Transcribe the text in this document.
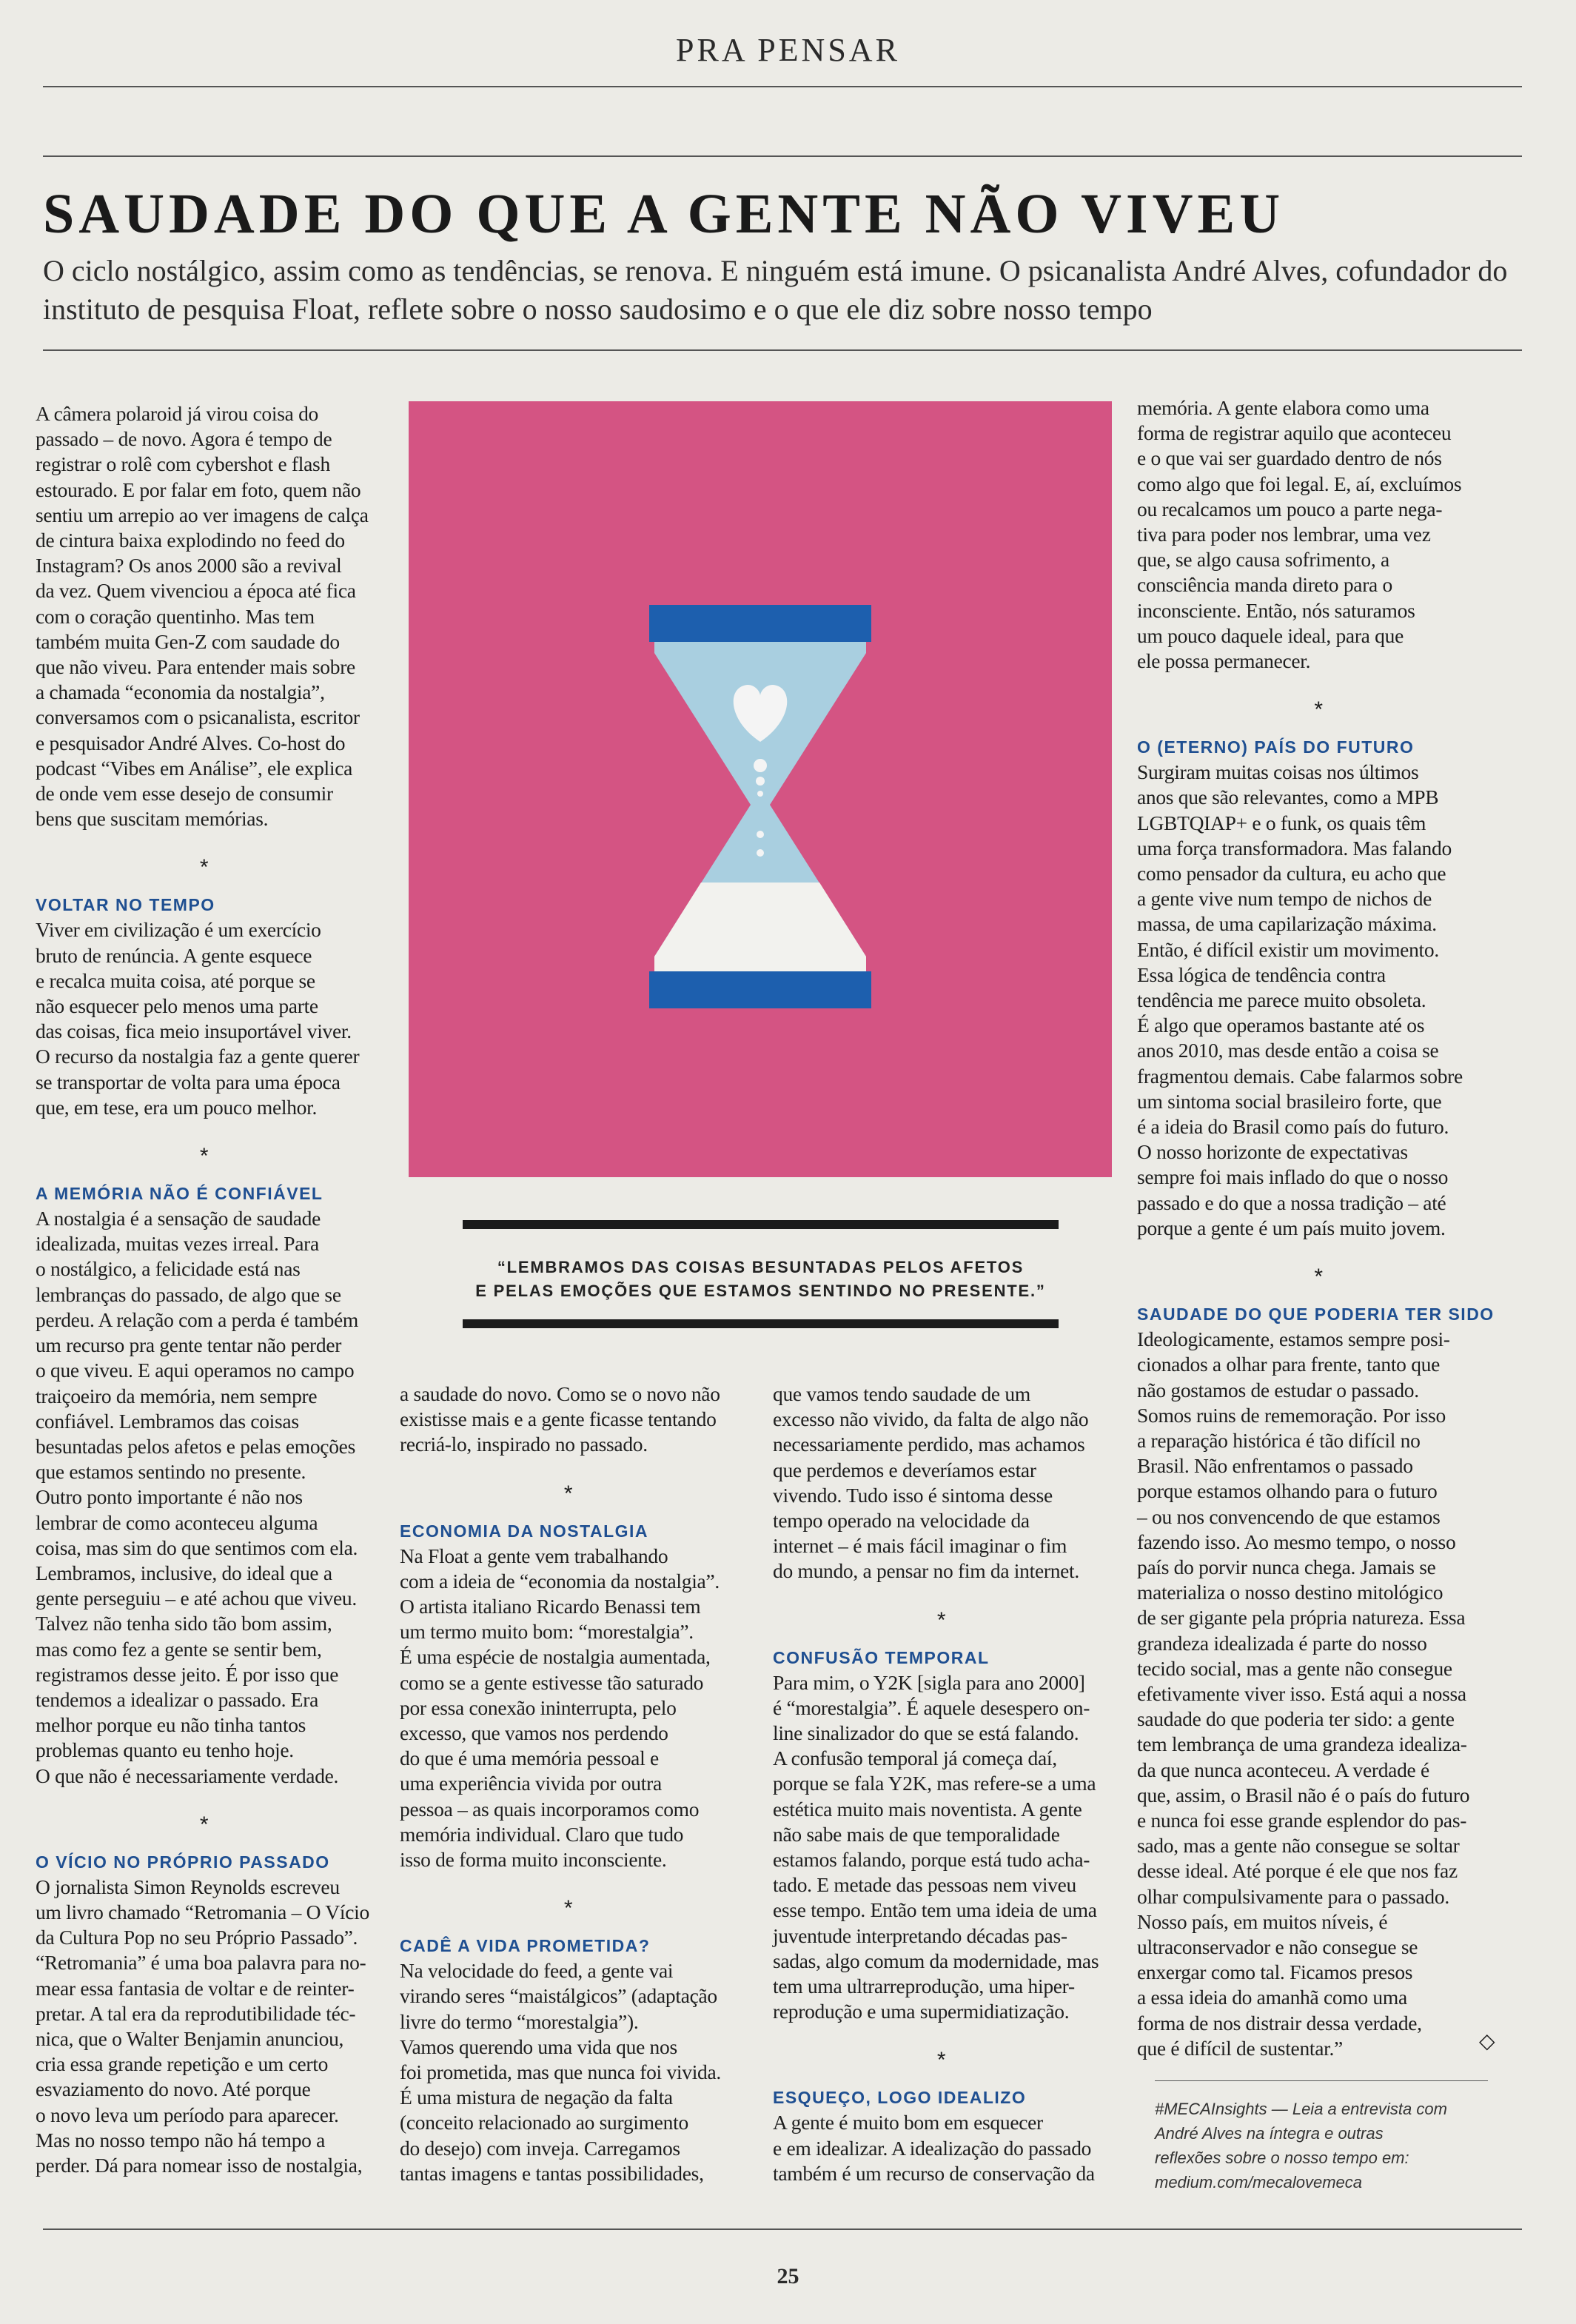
PRA PENSAR
SAUDADE DO QUE A GENTE NÃO VIVEU
O ciclo nostálgico, assim como as tendências, se renova. E ninguém está imune. O psicanalista André Alves, cofundador do instituto de pesquisa Float, reflete sobre o nosso saudosimo e o que ele diz sobre nosso tempo

A câmera polaroid já virou coisa do
passado – de novo. Agora é tempo de
registrar o rolê com cybershot e flash
estourado. E por falar em foto, quem não
sentiu um arrepio ao ver imagens de calça
de cintura baixa explodindo no feed do
Instagram? Os anos 2000 são a revival
da vez. Quem vivenciou a época até fica
com o coração quentinho. Mas tem
também muita Gen-Z com saudade do
que não viveu. Para entender mais sobre
a chamada “economia da nostalgia”,
conversamos com o psicanalista, escritor
e pesquisador André Alves. Co-host do
podcast “Vibes em Análise”, ele explica
de onde vem esse desejo de consumir
bens que suscitam memórias.

*

VOLTAR NO TEMPO

Viver em civilização é um exercício
bruto de renúncia. A gente esquece
e recalca muita coisa, até porque se
não esquecer pelo menos uma parte
das coisas, fica meio insuportável viver.
O recurso da nostalgia faz a gente querer
se transportar de volta para uma época
que, em tese, era um pouco melhor.

*

A MEMÓRIA NÃO É CONFIÁVEL

A nostalgia é a sensação de saudade
idealizada, muitas vezes irreal. Para
o nostálgico, a felicidade está nas
lembranças do passado, de algo que se
perdeu. A relação com a perda é também
um recurso pra gente tentar não perder
o que viveu. E aqui operamos no campo
traiçoeiro da memória, nem sempre
confiável. Lembramos das coisas
besuntadas pelos afetos e pelas emoções
que estamos sentindo no presente.
Outro ponto importante é não nos
lembrar de como aconteceu alguma
coisa, mas sim do que sentimos com ela.
Lembramos, inclusive, do ideal que a
gente perseguiu – e até achou que viveu.
Talvez não tenha sido tão bom assim,
mas como fez a gente se sentir bem,
registramos desse jeito. É por isso que
tendemos a idealizar o passado. Era
melhor porque eu não tinha tantos
problemas quanto eu tenho hoje.
O que não é necessariamente verdade.

*

O VÍCIO NO PRÓPRIO PASSADO

O jornalista Simon Reynolds escreveu
um livro chamado “Retromania – O Vício
da Cultura Pop no seu Próprio Passado”.
“Retromania” é uma boa palavra para no-
mear essa fantasia de voltar e de reinter-
pretar. A tal era da reprodutibilidade téc-
nica, que o Walter Benjamin anunciou,
cria essa grande repetição e um certo
esvaziamento do novo. Até porque
o novo leva um período para aparecer.
Mas no nosso tempo não há tempo a
perder. Dá para nomear isso de nostalgia,

“LEMBRAMOS DAS COISAS BESUNTADAS PELOS AFETOS
E PELAS EMOÇÕES QUE ESTAMOS SENTINDO NO PRESENTE.”

a saudade do novo. Como se o novo não
existisse mais e a gente ficasse tentando
recriá-lo, inspirado no passado.

*

ECONOMIA DA NOSTALGIA

Na Float a gente vem trabalhando
com a ideia de “economia da nostalgia”.
O artista italiano Ricardo Benassi tem
um termo muito bom: “morestalgia”.
É uma espécie de nostalgia aumentada,
como se a gente estivesse tão saturado
por essa conexão ininterrupta, pelo
excesso, que vamos nos perdendo
do que é uma memória pessoal e
uma experiência vivida por outra
pessoa – as quais incorporamos como
memória individual. Claro que tudo
isso de forma muito inconsciente.

*

CADÊ A VIDA PROMETIDA?

Na velocidade do feed, a gente vai
virando seres “maistálgicos” (adaptação
livre do termo “morestalgia”).
Vamos querendo uma vida que nos
foi prometida, mas que nunca foi vivida.
É uma mistura de negação da falta
(conceito relacionado ao surgimento
do desejo) com inveja. Carregamos
tantas imagens e tantas possibilidades,

que vamos tendo saudade de um
excesso não vivido, da falta de algo não
necessariamente perdido, mas achamos
que perdemos e deveríamos estar
vivendo. Tudo isso é sintoma desse
tempo operado na velocidade da
internet – é mais fácil imaginar o fim
do mundo, a pensar no fim da internet.

*

CONFUSÃO TEMPORAL

Para mim, o Y2K [sigla para ano 2000]
é “morestalgia”. É aquele desespero on-
line sinalizador do que se está falando.
A confusão temporal já começa daí,
porque se fala Y2K, mas refere-se a uma
estética muito mais noventista. A gente
não sabe mais de que temporalidade
estamos falando, porque está tudo acha-
tado. E metade das pessoas nem viveu
esse tempo. Então tem uma ideia de uma
juventude interpretando décadas pas-
sadas, algo comum da modernidade, mas
tem uma ultrarreprodução, uma hiper-
reprodução e uma supermidiatização.

*

ESQUEÇO, LOGO IDEALIZO

A gente é muito bom em esquecer
e em idealizar. A idealização do passado
também é um recurso de conservação da

memória. A gente elabora como uma
forma de registrar aquilo que aconteceu
e o que vai ser guardado dentro de nós
como algo que foi legal. E, aí, excluímos
ou recalcamos um pouco a parte nega-
tiva para poder nos lembrar, uma vez
que, se algo causa sofrimento, a
consciência manda direto para o
inconsciente. Então, nós saturamos
um pouco daquele ideal, para que
ele possa permanecer.

*

O (ETERNO) PAÍS DO FUTURO

Surgiram muitas coisas nos últimos
anos que são relevantes, como a MPB
LGBTQIAP+ e o funk, os quais têm
uma força transformadora. Mas falando
como pensador da cultura, eu acho que
a gente vive num tempo de nichos de
massa, de uma capilarização máxima.
Então, é difícil existir um movimento.
Essa lógica de tendência contra
tendência me parece muito obsoleta.
É algo que operamos bastante até os
anos 2010, mas desde então a coisa se
fragmentou demais. Cabe falarmos sobre
um sintoma social brasileiro forte, que
é a ideia do Brasil como país do futuro.
O nosso horizonte de expectativas
sempre foi mais inflado do que o nosso
passado e do que a nossa tradição – até
porque a gente é um país muito jovem.

*

SAUDADE DO QUE PODERIA TER SIDO

Ideologicamente, estamos sempre posi-
cionados a olhar para frente, tanto que
não gostamos de estudar o passado.
Somos ruins de rememoração. Por isso
a reparação histórica é tão difícil no
Brasil. Não enfrentamos o passado
porque estamos olhando para o futuro
– ou nos convencendo de que estamos
fazendo isso. Ao mesmo tempo, o nosso
país do porvir nunca chega. Jamais se
materializa o nosso destino mitológico
de ser gigante pela própria natureza. Essa
grandeza idealizada é parte do nosso
tecido social, mas a gente não consegue
efetivamente viver isso. Está aqui a nossa
saudade do que poderia ter sido: a gente
tem lembrança de uma grandeza idealiza-
da que nunca aconteceu. A verdade é
que, assim, o Brasil não é o país do futuro
e nunca foi esse grande esplendor do pas-
sado, mas a gente não consegue se soltar
desse ideal. Até porque é ele que nos faz
olhar compulsivamente para o passado.
Nosso país, em muitos níveis, é
ultraconservador e não consegue se
enxergar como tal. Ficamos presos
a essa ideia do amanhã como uma
forma de nos distrair dessa verdade,
que é difícil de sustentar.”	◇
#MECAInsights — Leia a entrevista com
André Alves na íntegra e outras
reflexões sobre o nosso tempo em:
medium.com/mecalovemeca
25
